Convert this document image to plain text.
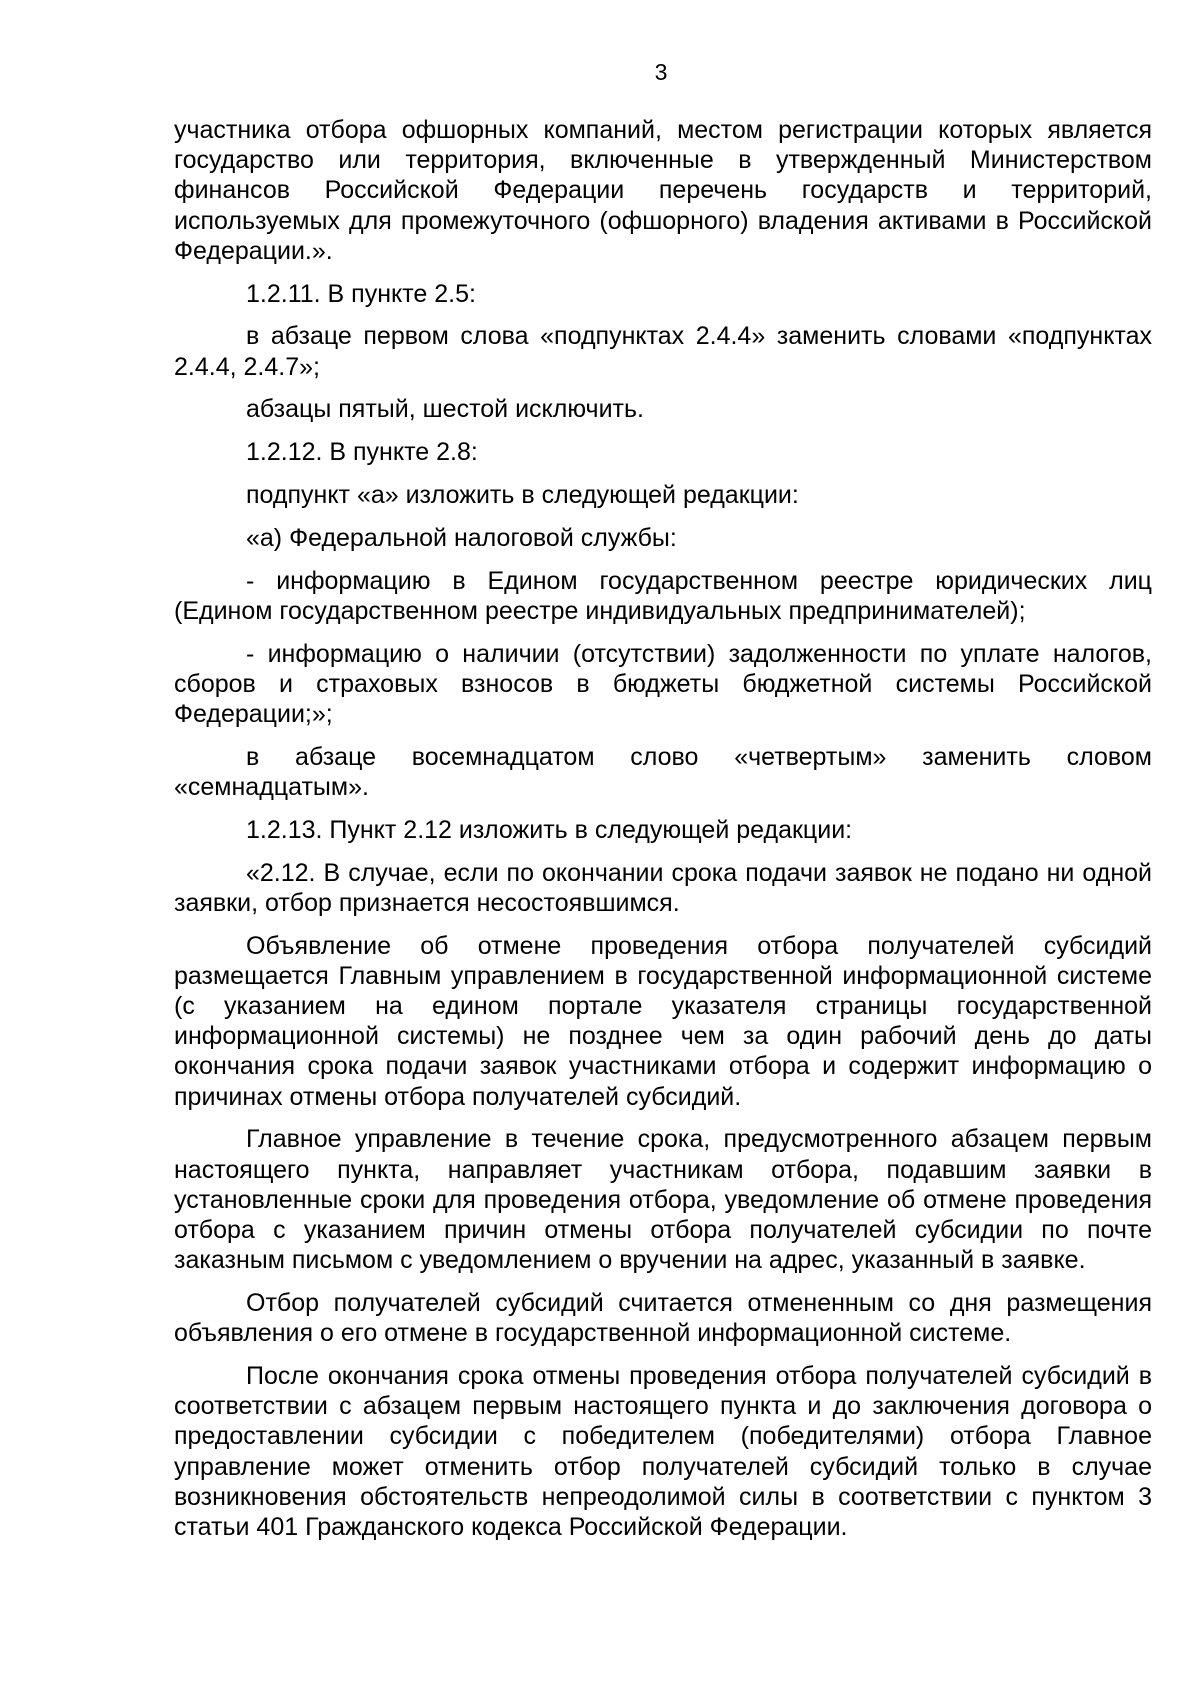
3

участника отбора офшорных компаний, местом регистрации которых является государство или территория, включенные в утвержденный Министерством финансов Российской Федерации перечень государств и территорий, используемых для промежуточного (офшорного) владения активами в Российской Федерации.».

1.2.11. В пункте 2.5:

в абзаце первом слова «подпунктах 2.4.4» заменить словами «подпунктах 2.4.4, 2.4.7»;

абзацы пятый, шестой исключить.

1.2.12. В пункте 2.8:

подпункт «а» изложить в следующей редакции:

«а) Федеральной налоговой службы:

- информацию в Едином государственном реестре юридических лиц (Едином государственном реестре индивидуальных предпринимателей);

- информацию о наличии (отсутствии) задолженности по уплате налогов, сборов и страховых взносов в бюджеты бюджетной системы Российской Федерации;»;

в абзаце восемнадцатом слово «четвертым» заменить словом «семнадцатым».

1.2.13. Пункт 2.12 изложить в следующей редакции:

«2.12. В случае, если по окончании срока подачи заявок не подано ни одной заявки, отбор признается несостоявшимся.

Объявление об отмене проведения отбора получателей субсидий размещается Главным управлением в государственной информационной системе (с указанием на едином портале указателя страницы государственной информационной системы) не позднее чем за один рабочий день до даты окончания срока подачи заявок участниками отбора и содержит информацию о причинах отмены отбора получателей субсидий.

Главное управление в течение срока, предусмотренного абзацем первым настоящего пункта, направляет участникам отбора, подавшим заявки в установленные сроки для проведения отбора, уведомление об отмене проведения отбора с указанием причин отмены отбора получателей субсидии по почте заказным письмом с уведомлением о вручении на адрес, указанный в заявке.

Отбор получателей субсидий считается отмененным со дня размещения объявления о его отмене в государственной информационной системе.

После окончания срока отмены проведения отбора получателей субсидий в соответствии с абзацем первым настоящего пункта и до заключения договора о предоставлении субсидии с победителем (победителями) отбора Главное управление может отменить отбор получателей субсидий только в случае возникновения обстоятельств непреодолимой силы в соответствии с пунктом 3 статьи 401 Гражданского кодекса Российской Федерации.
